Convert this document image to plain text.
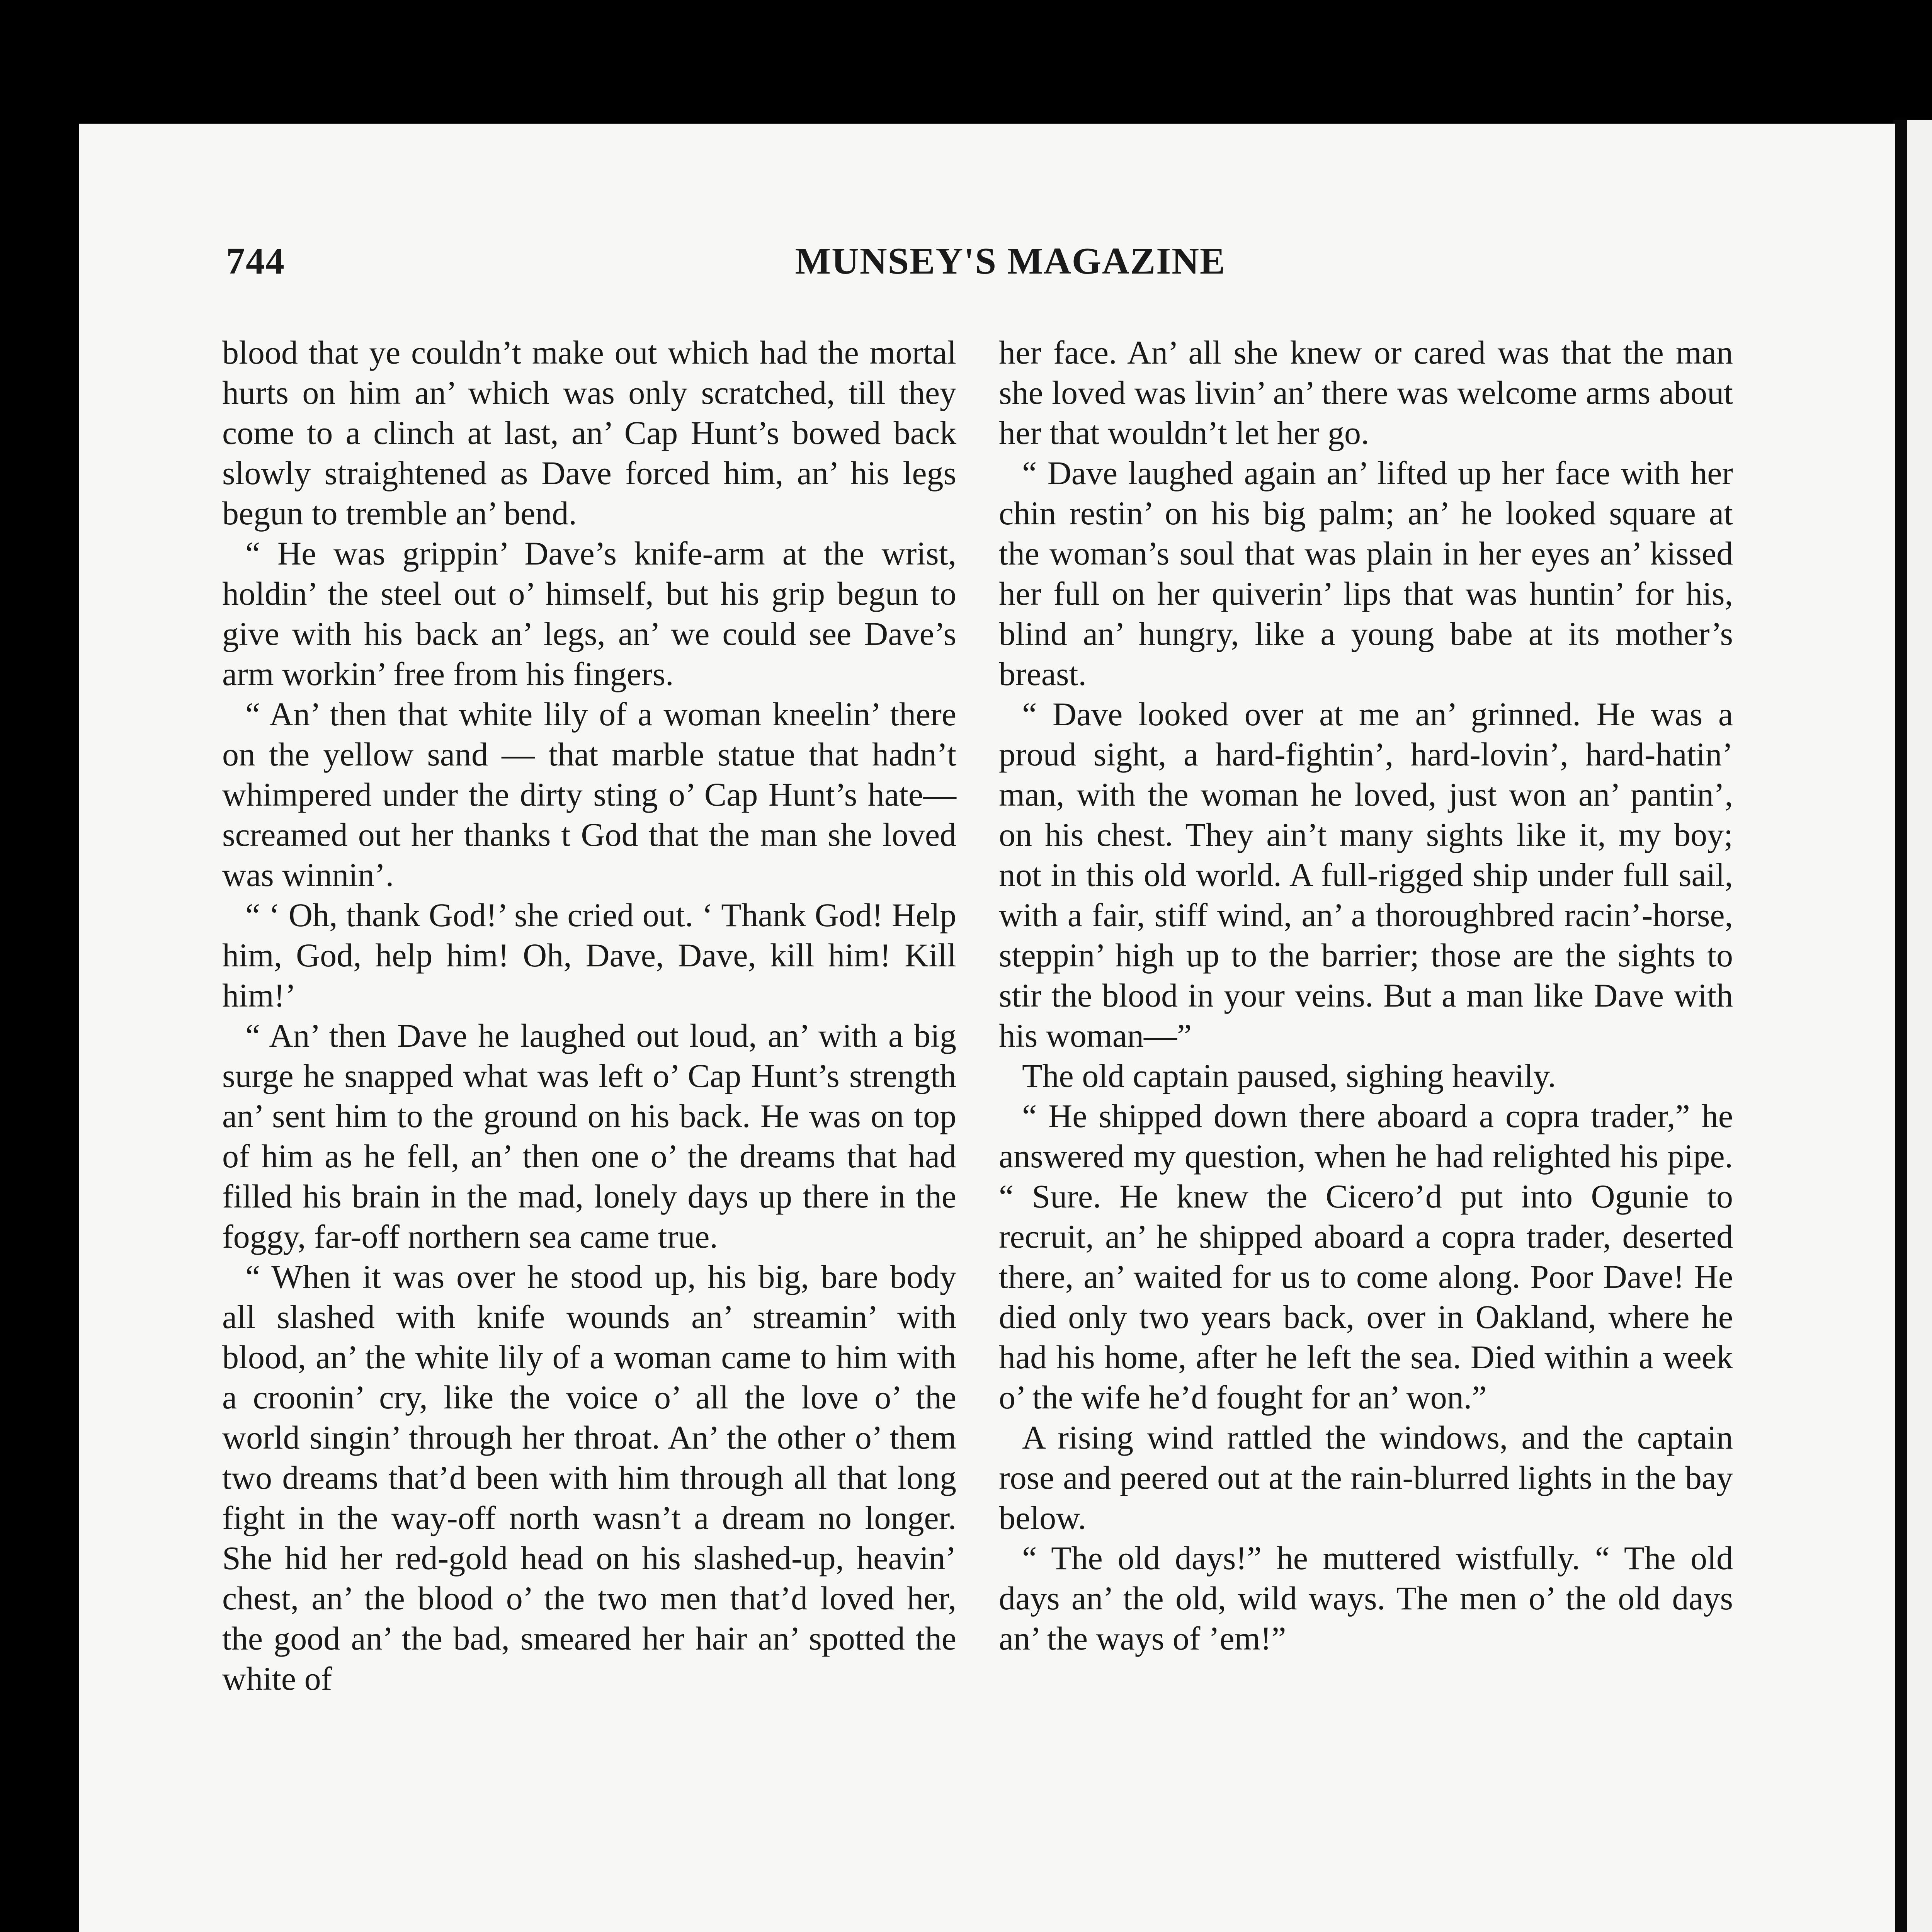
744	MUNSEY'S MAGAZINE

blood that ye couldn’t make out which had the mortal hurts on him an’ which was only scratched, till they come to a clinch at last, an’ Cap Hunt’s bowed back slowly straightened as Dave forced him, an’ his legs begun to tremble an’ bend.

“ He was grippin’ Dave’s knife-arm at the wrist, holdin’ the steel out o’ himself, but his grip begun to give with his back an’ legs, an’ we could see Dave’s arm workin’ free from his fingers.

“ An’ then that white lily of a woman kneelin’ there on the yellow sand — that marble statue that hadn’t whimpered under the dirty sting o’ Cap Hunt’s hate— screamed out her thanks t God that the man she loved was winnin’.

“ ‘ Oh, thank God!’ she cried out. ‘ Thank God! Help him, God, help him! Oh, Dave, Dave, kill him! Kill him!’

“ An’ then Dave he laughed out loud, an’ with a big surge he snapped what was left o’ Cap Hunt’s strength an’ sent him to the ground on his back. He was on top of him as he fell, an’ then one o’ the dreams that had filled his brain in the mad, lonely days up there in the foggy, far-off northern sea came true.

“ When it was over he stood up, his big, bare body all slashed with knife wounds an’ streamin’ with blood, an’ the white lily of a woman came to him with a croonin’ cry, like the voice o’ all the love o’ the world singin’ through her throat. An’ the other o’ them two dreams that’d been with him through all that long fight in the way-off north wasn’t a dream no longer. She hid her red-gold head on his slashed-up, heavin’ chest, an’ the blood o’ the two men that’d loved her, the good an’ the bad, smeared her hair an’ spotted the white of

her face. An’ all she knew or cared was that the man she loved was livin’ an’ there was welcome arms about her that wouldn’t let her go.

“ Dave laughed again an’ lifted up her face with her chin restin’ on his big palm; an’ he looked square at the woman’s soul that was plain in her eyes an’ kissed her full on her quiverin’ lips that was huntin’ for his, blind an’ hungry, like a young babe at its mother’s breast.

“ Dave looked over at me an’ grinned. He was a proud sight, a hard-fightin’, hard-lovin’, hard-hatin’ man, with the woman he loved, just won an’ pantin’, on his chest. They ain’t many sights like it, my boy; not in this old world. A full-rigged ship under full sail, with a fair, stiff wind, an’ a thoroughbred racin’-horse, steppin’ high up to the barrier; those are the sights to stir the blood in your veins. But a man like Dave with his woman—”

The old captain paused, sighing heavily.

“ He shipped down there aboard a copra trader,” he answered my question, when he had relighted his pipe. “ Sure. He knew the Cicero’d put into Ogunie to recruit, an’ he shipped aboard a copra trader, deserted there, an’ waited for us to come along. Poor Dave! He died only two years back, over in Oakland, where he had his home, after he left the sea. Died within a week o’ the wife he’d fought for an’ won.”

A rising wind rattled the windows, and the captain rose and peered out at the rain-blurred lights in the bay below.

“ The old days!” he muttered wistfully. “ The old days an’ the old, wild ways. The men o’ the old days an’ the ways of ’em!”
